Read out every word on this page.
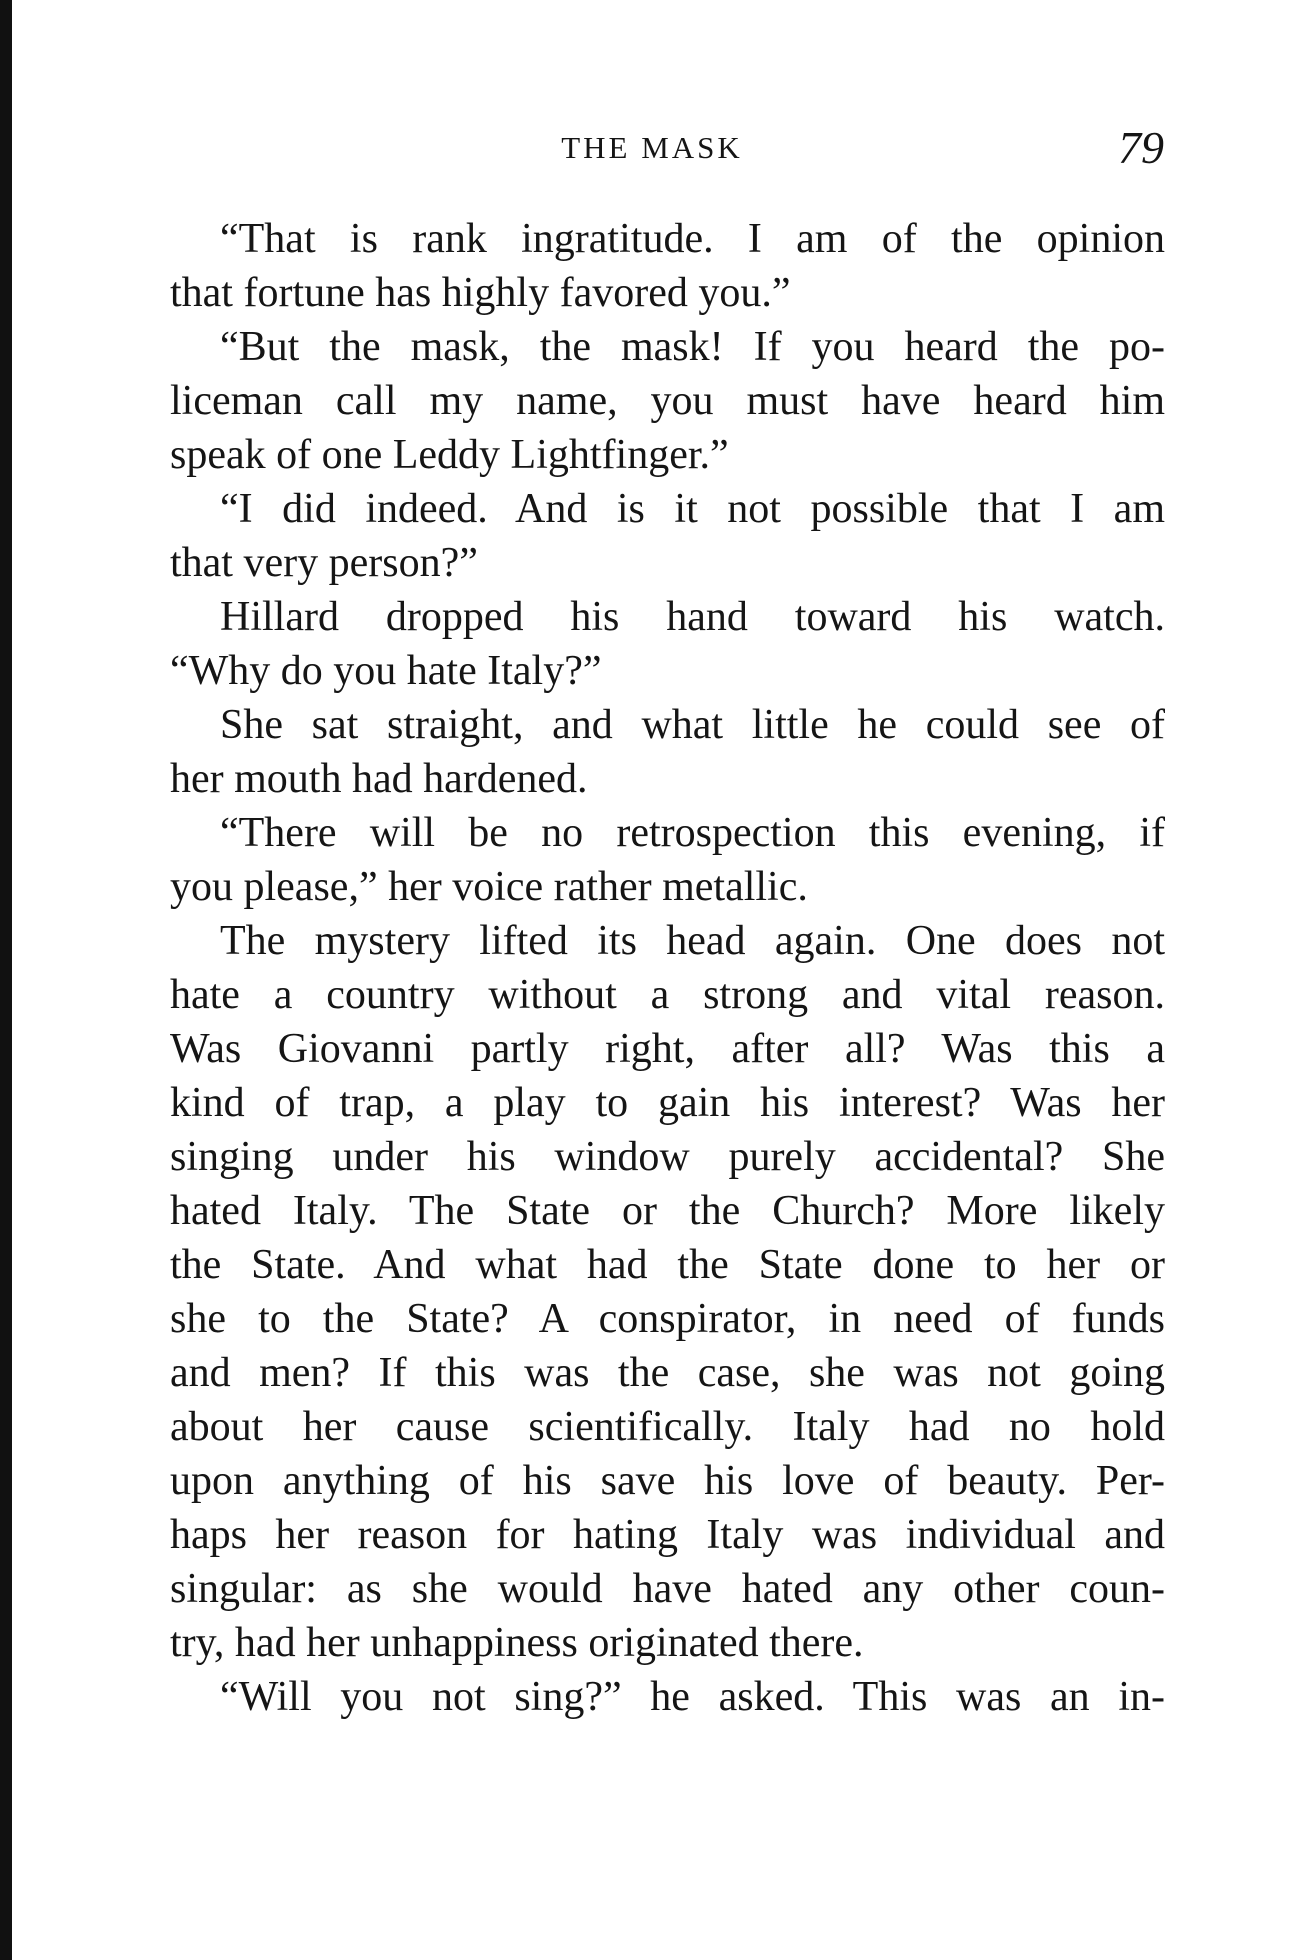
THE MASK	79
“That is rank ingratitude. I am of the opinion
that fortune has highly favored you.”
“But the mask, the mask! If you heard the po-
liceman call my name, you must have heard him
speak of one Leddy Lightfinger.”
“I did indeed. And is it not possible that I am
that very person?”
Hillard dropped his hand toward his watch.
“Why do you hate Italy?”
She sat straight, and what little he could see of
her mouth had hardened.
“There will be no retrospection this evening, if
you please,” her voice rather metallic.
The mystery lifted its head again. One does not
hate a country without a strong and vital reason.
Was Giovanni partly right, after all? Was this a
kind of trap, a play to gain his interest? Was her
singing under his window purely accidental? She
hated Italy. The State or the Church? More likely
the State. And what had the State done to her or
she to the State? A conspirator, in need of funds
and men? If this was the case, she was not going
about her cause scientifically. Italy had no hold
upon anything of his save his love of beauty. Per-
haps her reason for hating Italy was individual and
singular: as she would have hated any other coun-
try, had her unhappiness originated there.
“Will you not sing?” he asked. This was an in-
